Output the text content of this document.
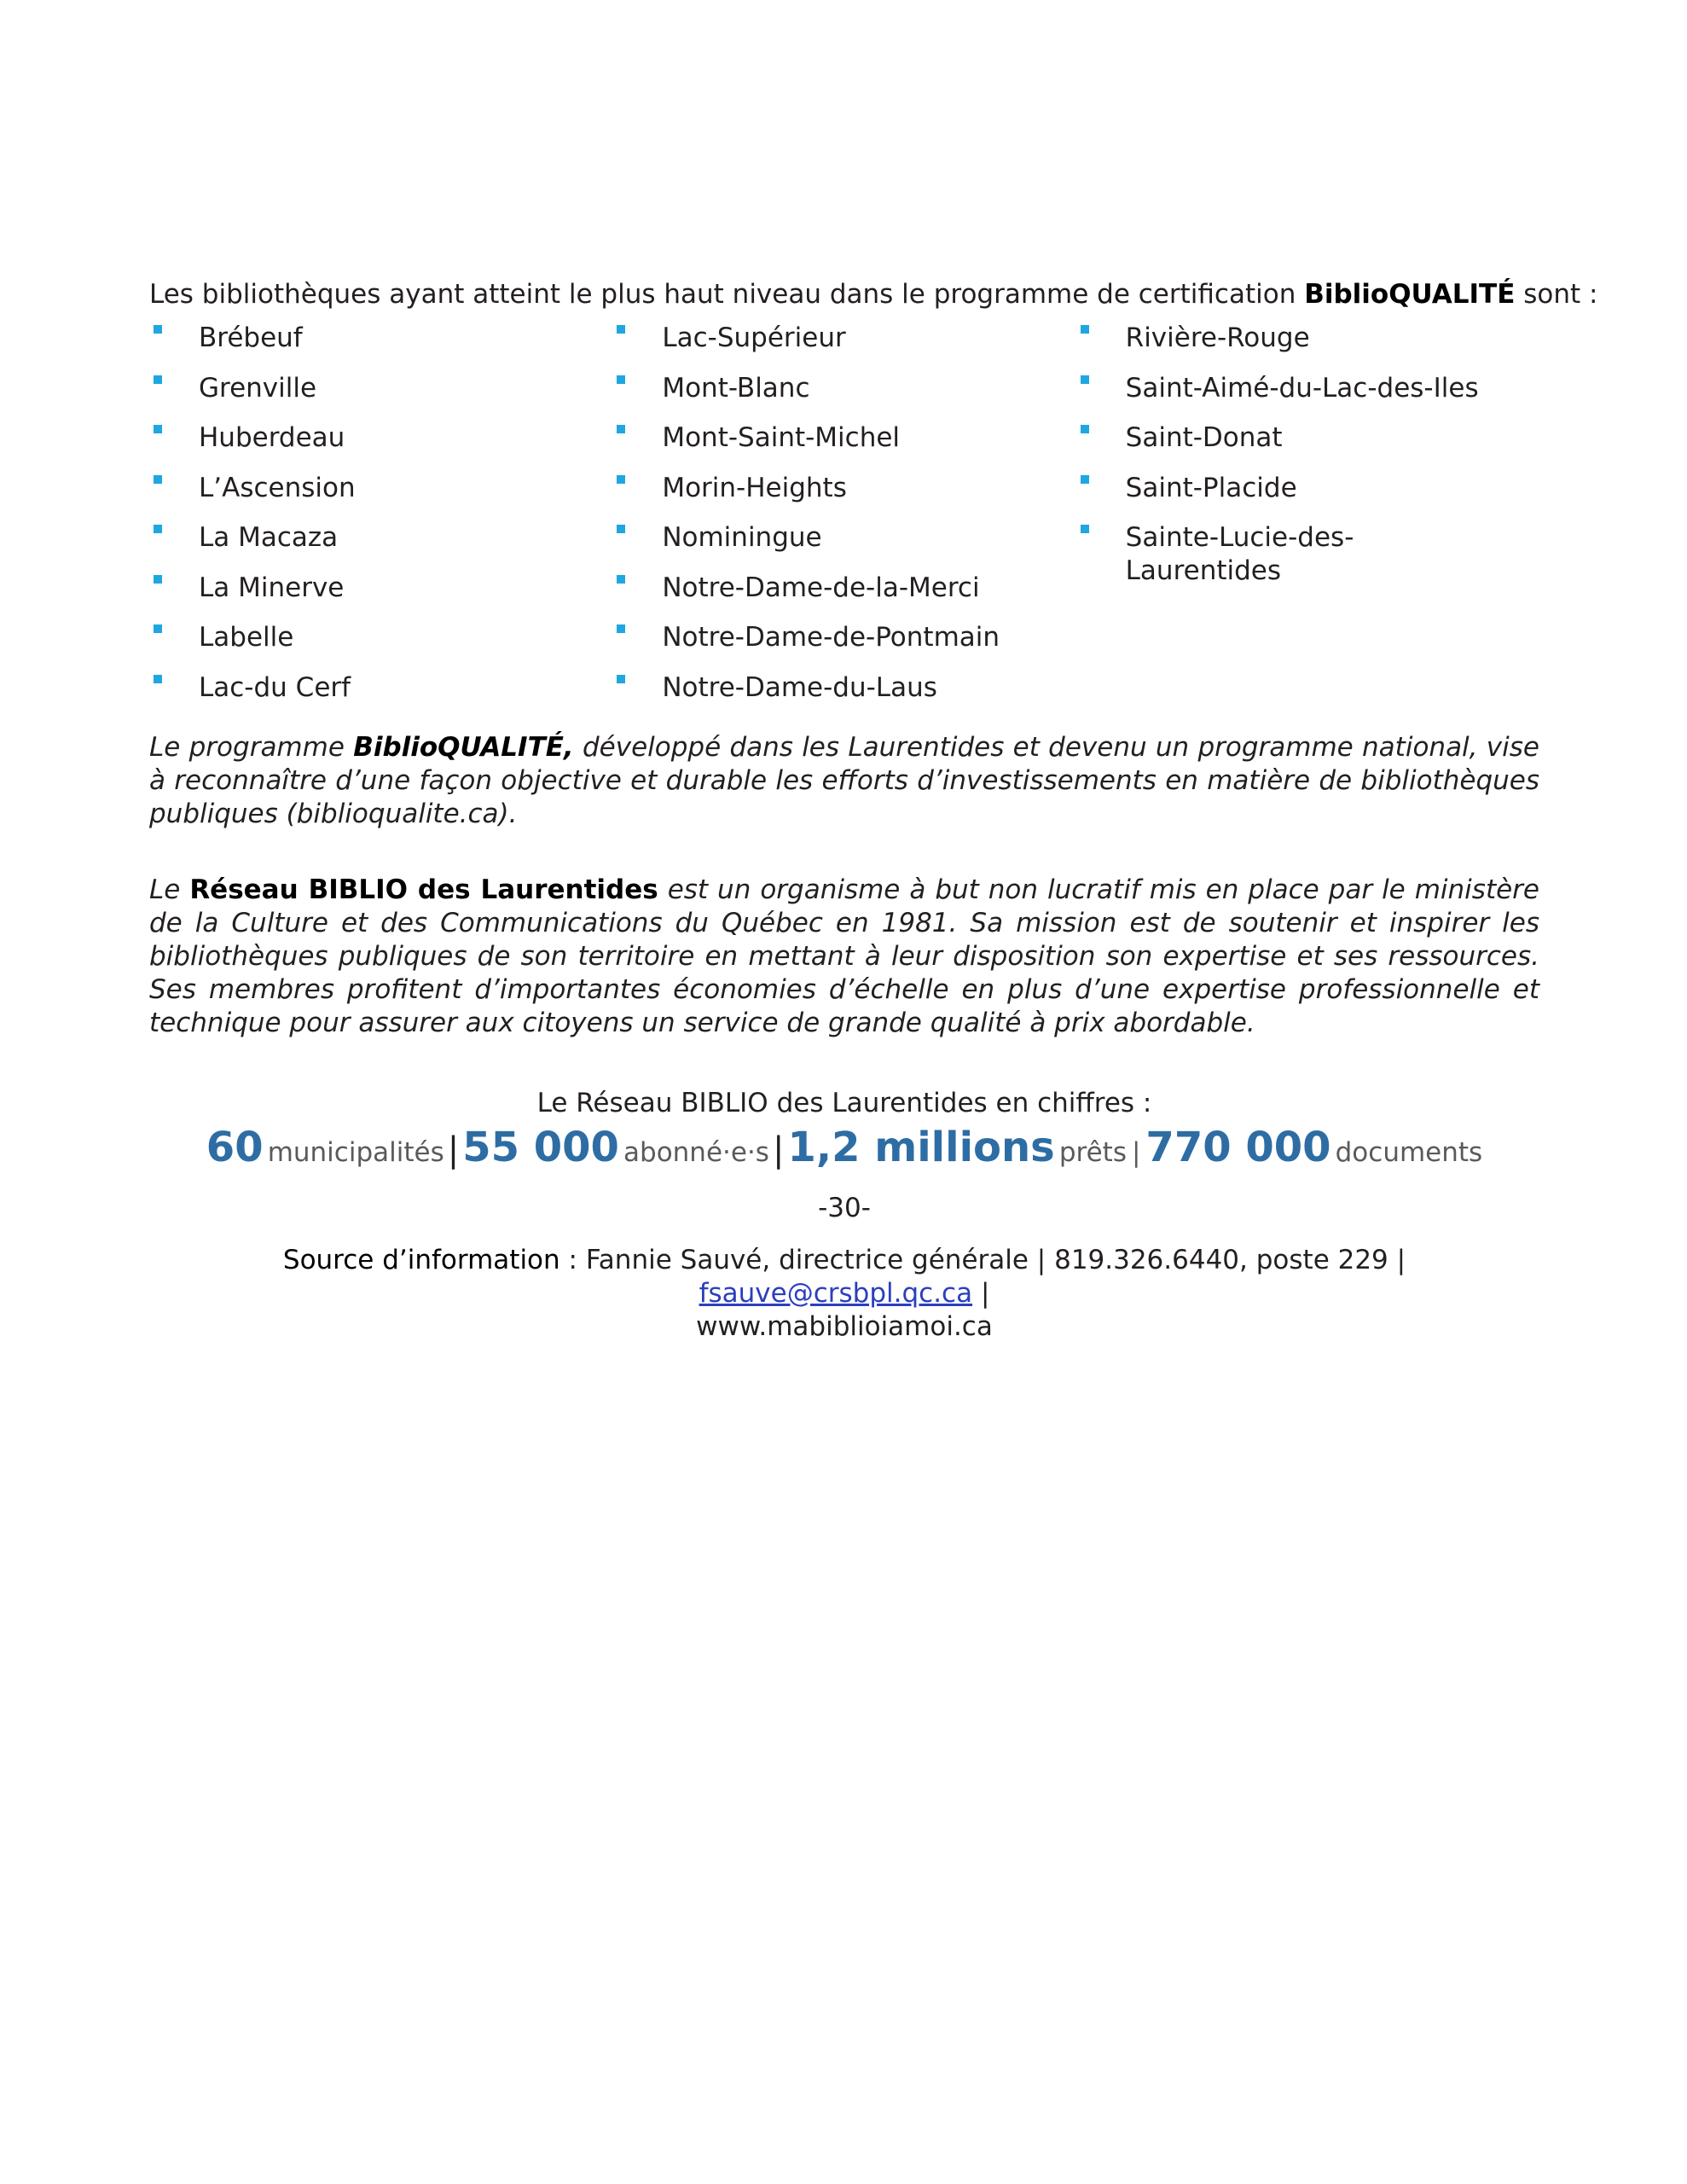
Les bibliothèques ayant atteint le plus haut niveau dans le programme de certification BiblioQUALITÉ sont :

Brébeuf
Grenville
Huberdeau
L’Ascension
La Macaza
La Minerve
Labelle
Lac-du Cerf
Lac-Supérieur
Mont-Blanc
Mont-Saint-Michel
Morin-Heights
Nominingue
Notre-Dame-de-la-Merci
Notre-Dame-de-Pontmain
Notre-Dame-du-Laus
Rivière-Rouge
Saint-Aimé-du-Lac-des-Iles
Saint-Donat
Saint-Placide
Sainte-Lucie-des-Laurentides

Le programme BiblioQUALITÉ, développé dans les Laurentides et devenu un programme national, vise à reconnaître d’une façon objective et durable les efforts d’investissements en matière de bibliothèques publiques (biblioqualite.ca).

Le Réseau BIBLIO des Laurentides est un organisme à but non lucratif mis en place par le ministère de la Culture et des Communications du Québec en 1981. Sa mission est de soutenir et inspirer les bibliothèques publiques de son territoire en mettant à leur disposition son expertise et ses ressources. Ses membres profitent d’importantes économies d’échelle en plus d’une expertise professionnelle et technique pour assurer aux citoyens un service de grande qualité à prix abordable.

Le Réseau BIBLIO des Laurentides en chiffres :
60 municipalités |55 000 abonné·e·s |1,2 millions prêts | 770 000 documents
-30-
Source d’information : Fannie Sauvé, directrice générale | 819.326.6440, poste 229 | fsauve@crsbpl.qc.ca |
www.mabiblioiamoi.ca
